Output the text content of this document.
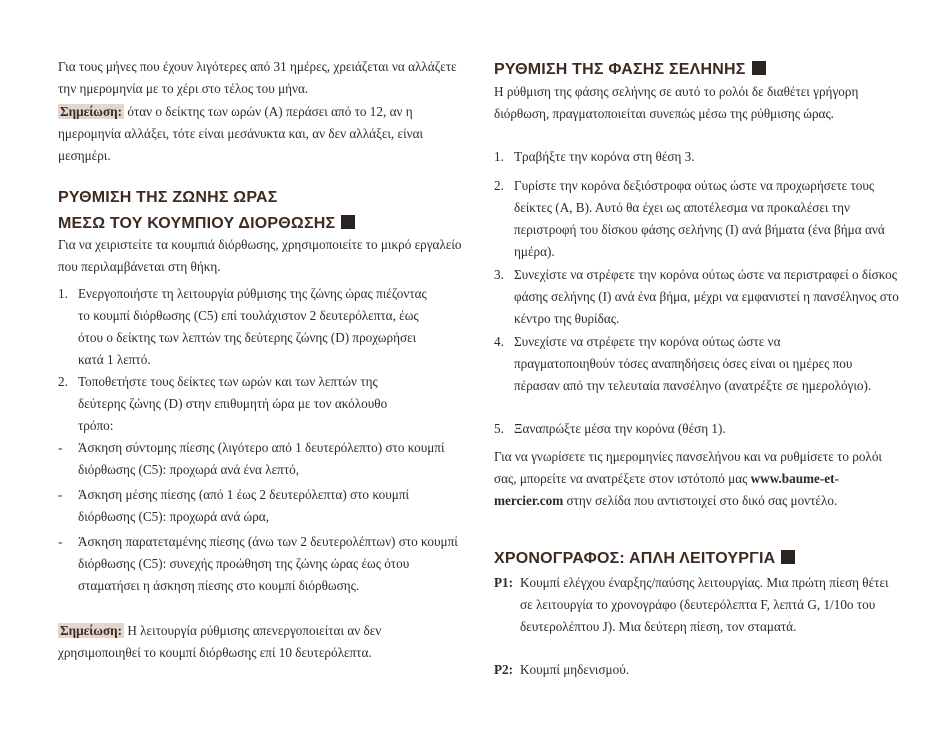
Για τους μήνες που έχουν λιγότερες από 31 ημέρες, χρειάζεται να αλλάζετε την ημερομηνία με το χέρι στο τέλος του μήνα.

Σημείωση: όταν ο δείκτης των ωρών (A) περάσει από το 12, αν η ημερομηνία αλλάξει, τότε είναι μεσάνυκτα και, αν δεν αλλάξει, είναι μεσημέρι.

ΡΥΘΜΙΣΗ ΤΗΣ ΖΩΝΗΣ ΩΡΑΣ
ΜΕΣΩ ΤΟΥ ΚΟΥΜΠΙΟΥ ΔΙΟΡΘΩΣΗΣ

Για να χειριστείτε τα κουμπιά διόρθωσης, χρησιμοποιείτε το μικρό εργαλείο που περιλαμβάνεται στη θήκη.

1. Ενεργοποιήστε τη λειτουργία ρύθμισης της ζώνης ώρας πιέζοντας το κουμπί διόρθωσης (C5) επί τουλάχιστον 2 δευτερόλεπτα, έως ότου ο δείκτης των λεπτών της δεύτερης ζώνης (D) προχωρήσει κατά 1 λεπτό.
2. Τοποθετήστε τους δείκτες των ωρών και των λεπτών της δεύτερης ζώνης (D) στην επιθυμητή ώρα με τον ακόλουθο τρόπο:
-	Άσκηση σύντομης πίεσης (λιγότερο από 1 δευτερόλεπτο) στο κουμπί διόρθωσης (C5): προχωρά ανά ένα λεπτό,
-	Άσκηση μέσης πίεσης (από 1 έως 2 δευτερόλεπτα) στο κουμπί διόρθωσης (C5): προχωρά ανά ώρα,
-	Άσκηση παρατεταμένης πίεσης (άνω των 2 δευτερολέπτων) στο κουμπί διόρθωσης (C5): συνεχής προώθηση της ζώνης ώρας έως ότου σταματήσει η άσκηση πίεσης στο κουμπί διόρθωσης.

Σημείωση: Η λειτουργία ρύθμισης απενεργοποιείται αν δεν χρησιμοποιηθεί το κουμπί διόρθωσης επί 10 δευτερόλεπτα.

ΡΥΘΜΙΣΗ ΤΗΣ ΦΑΣΗΣ ΣΕΛΗΝΗΣ

Η ρύθμιση της φάσης σελήνης σε αυτό το ρολόι δε διαθέτει γρήγορη διόρθωση, πραγματοποιείται συνεπώς μέσω της ρύθμισης ώρας.

1. Τραβήξτε την κορόνα στη θέση 3.
2. Γυρίστε την κορόνα δεξιόστροφα ούτως ώστε να προχωρήσετε τους δείκτες (A, B). Αυτό θα έχει ως αποτέλεσμα να προκαλέσει την περιστροφή του δίσκου φάσης σελήνης (I) ανά βήματα (ένα βήμα ανά ημέρα).
3. Συνεχίστε να στρέφετε την κορόνα ούτως ώστε να περιστραφεί ο δίσκος φάσης σελήνης (I) ανά ένα βήμα, μέχρι να εμφανιστεί η πανσέληνος στο κέντρο της θυρίδας.
4. Συνεχίστε να στρέφετε την κορόνα ούτως ώστε να πραγματοποιηθούν τόσες αναπηδήσεις όσες είναι οι ημέρες που πέρασαν από την τελευταία πανσέληνο (ανατρέξτε σε ημερολόγιο).
5. Ξαναπρώξτε μέσα την κορόνα (θέση 1).

Για να γνωρίσετε τις ημερομηνίες πανσελήνου και να ρυθμίσετε το ρολόι σας, μπορείτε να ανατρέξετε στον ιστότοπό μας www.baume-et-mercier.com στην σελίδα που αντιστοιχεί στο δικό σας μοντέλο.

ΧΡΟΝΟΓΡΑΦΟΣ: ΑΠΛΗ ΛΕΙΤΟΥΡΓΙΑ
P1: Κουμπί ελέγχου έναρξης/παύσης λειτουργίας. Μια πρώτη πίεση θέτει σε λειτουργία το χρονογράφο (δευτερόλεπτα F, λεπτά G, 1/10ο του δευτερολέπτου J). Μια δεύτερη πίεση, τον σταματά.
P2: Κουμπί μηδενισμού.
